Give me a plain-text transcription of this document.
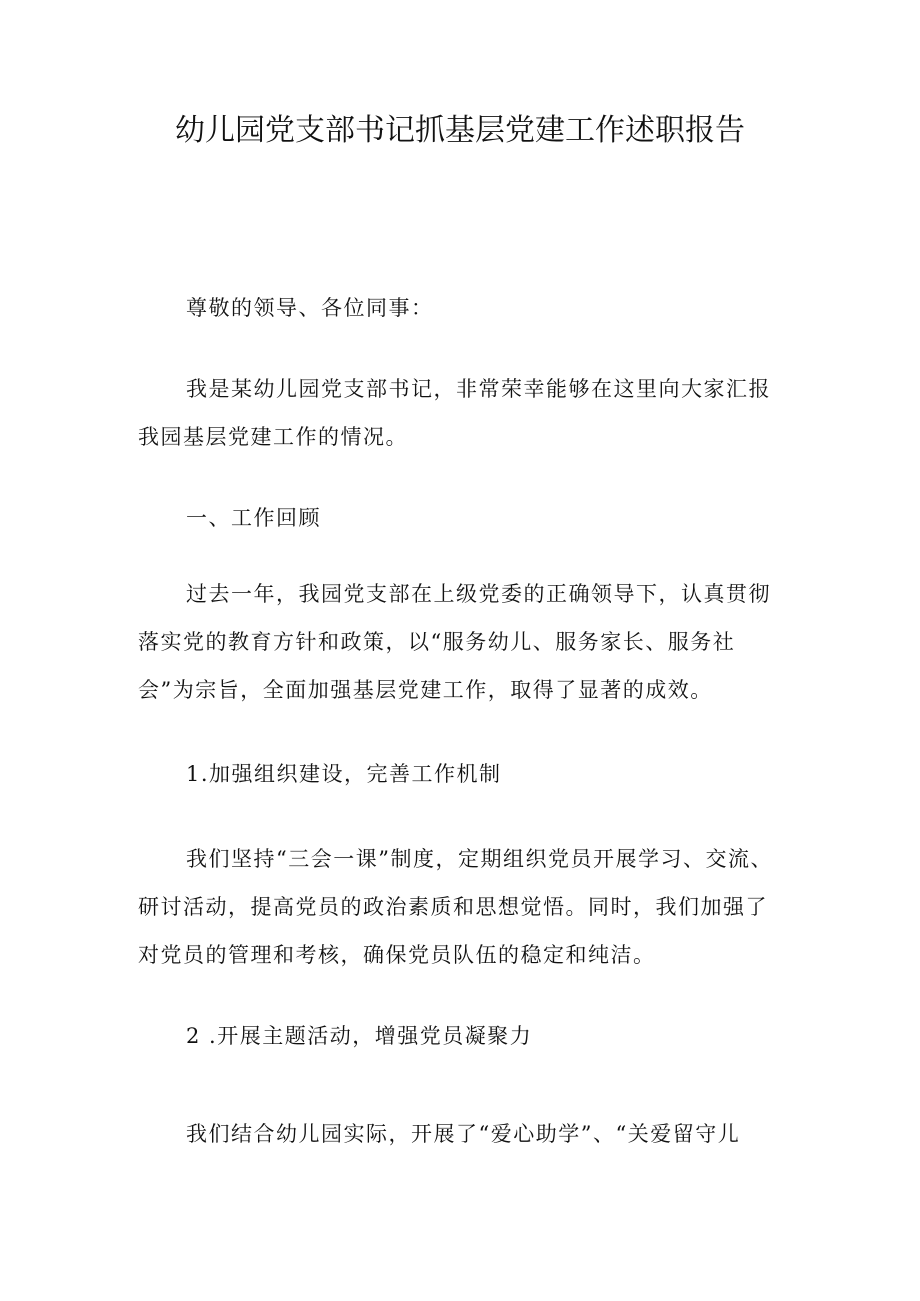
幼儿园党支部书记抓基层党建工作述职报告

尊敬的领导、各位同事：

我是某幼儿园党支部书记，非常荣幸能够在这里向大家汇报我园基层党建工作的情况。

一、工作回顾

过去一年，我园党支部在上级党委的正确领导下，认真贯彻落实党的教育方针和政策，以“服务幼儿、服务家长、服务社会”为宗旨，全面加强基层党建工作，取得了显著的成效。

1.加强组织建设，完善工作机制

我们坚持“三会一课”制度，定期组织党员开展学习、交流、研讨活动，提高党员的政治素质和思想觉悟。同时，我们加强了对党员的管理和考核，确保党员队伍的稳定和纯洁。

2 .开展主题活动，增强党员凝聚力

我们结合幼儿园实际，开展了“爱心助学”、“关爱留守儿
